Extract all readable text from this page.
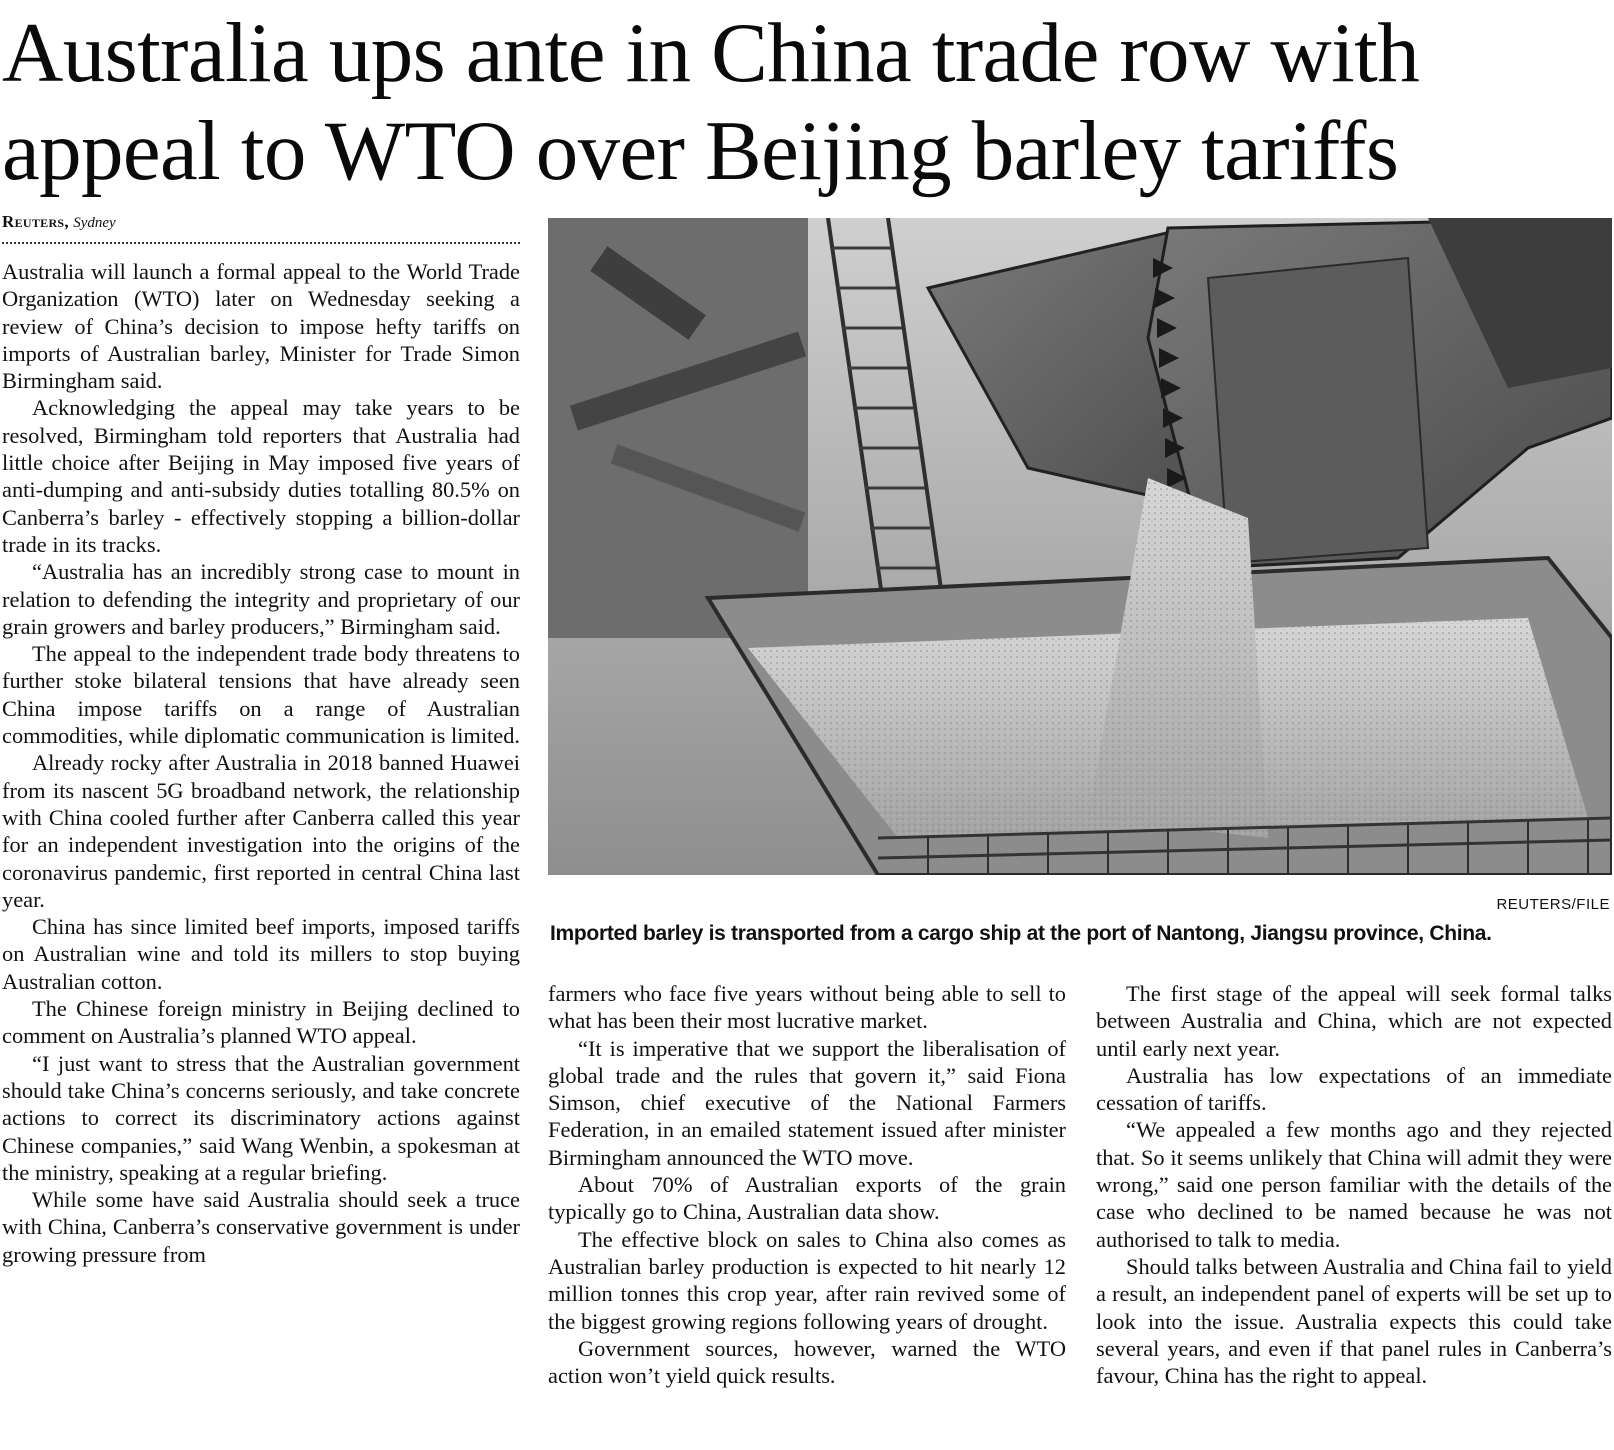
Australia ups ante in China trade row with
appeal to WTO over Beijing barley tariffs
Reuters, Sydney

Australia will launch a formal appeal to the World Trade Organization (WTO) later on Wednesday seeking a review of China’s decision to impose hefty tariffs on imports of Australian barley, Minister for Trade Simon Birmingham said.

Acknowledging the appeal may take years to be resolved, Birmingham told reporters that Australia had little choice after Beijing in May imposed five years of anti-dumping and anti-subsidy duties totalling 80.5% on Canberra’s barley - effectively stopping a billion-dollar trade in its tracks.

“Australia has an incredibly strong case to mount in relation to defending the integrity and proprietary of our grain growers and barley producers,” Birmingham said.

The appeal to the independent trade body threatens to further stoke bilateral tensions that have already seen China impose tariffs on a range of Australian commodities, while diplomatic communication is limited.

Already rocky after Australia in 2018 banned Huawei from its nascent 5G broadband network, the relationship with China cooled further after Canberra called this year for an independent investigation into the origins of the coronavirus pandemic, first reported in central China last year.

China has since limited beef imports, imposed tariffs on Australian wine and told its millers to stop buying Australian cotton.

The Chinese foreign ministry in Beijing declined to comment on Australia’s planned WTO appeal.

“I just want to stress that the Australian government should take China’s concerns seriously, and take concrete actions to correct its discriminatory actions against Chinese companies,” said Wang Wenbin, a spokesman at the ministry, speaking at a regular briefing.

While some have said Australia should seek a truce with China, Canberra’s conservative government is under growing pressure from

REUTERS/FILE
Imported barley is transported from a cargo ship at the port of Nantong, Jiangsu province, China.

farmers who face five years without being able to sell to what has been their most lucrative market.

“It is imperative that we support the liberalisation of global trade and the rules that govern it,” said Fiona Simson, chief executive of the National Farmers Federation, in an emailed statement issued after minister Birmingham announced the WTO move.

About 70% of Australian exports of the grain typically go to China, Australian data show.

The effective block on sales to China also comes as Australian barley production is expected to hit nearly 12 million tonnes this crop year, after rain revived some of the biggest growing regions following years of drought.

Government sources, however, warned the WTO action won’t yield quick results.

The first stage of the appeal will seek formal talks between Australia and China, which are not expected until early next year.

Australia has low expectations of an immediate cessation of tariffs.

“We appealed a few months ago and they rejected that. So it seems unlikely that China will admit they were wrong,” said one person familiar with the details of the case who declined to be named because he was not authorised to talk to media.

Should talks between Australia and China fail to yield a result, an independent panel of experts will be set up to look into the issue. Australia expects this could take several years, and even if that panel rules in Canberra’s favour, China has the right to appeal.
